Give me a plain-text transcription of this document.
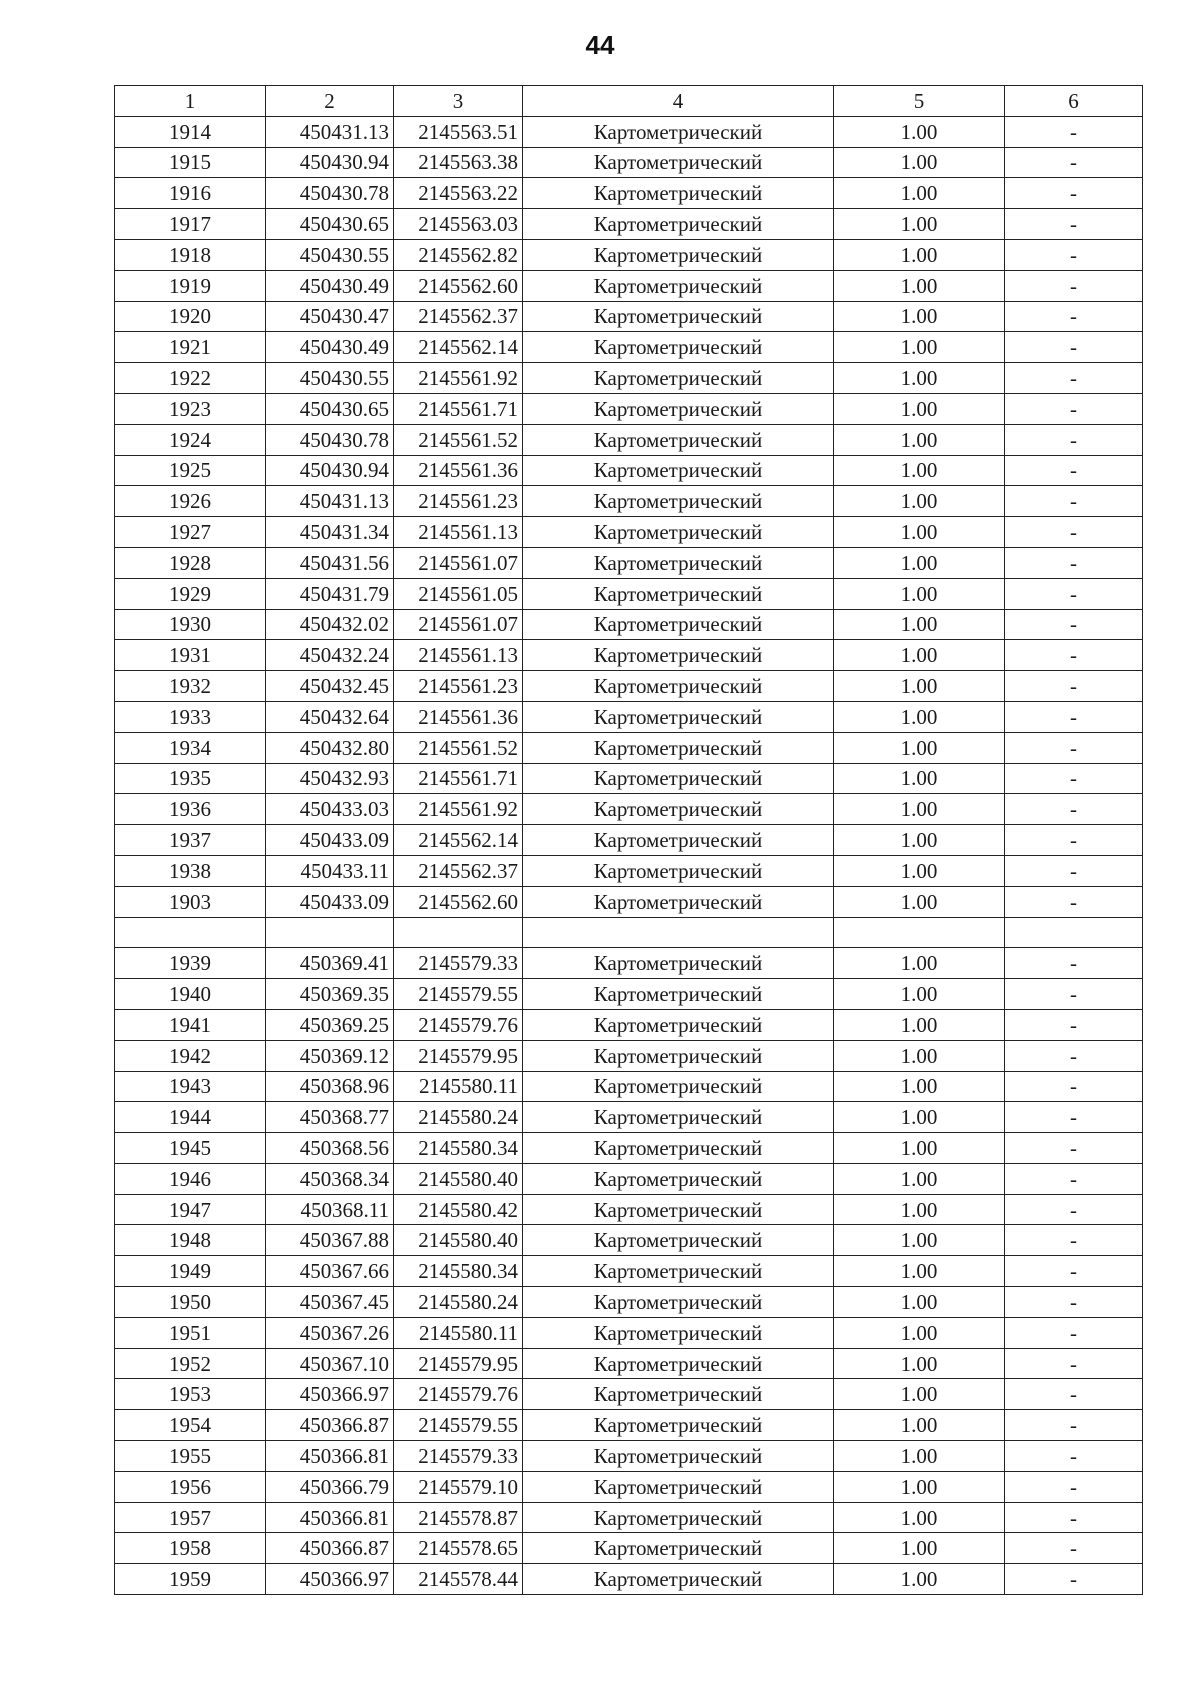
44
1	2	3	4	5	6
1914	450431.13	2145563.51	Картометрический	1.00	-
1915	450430.94	2145563.38	Картометрический	1.00	-
1916	450430.78	2145563.22	Картометрический	1.00	-
1917	450430.65	2145563.03	Картометрический	1.00	-
1918	450430.55	2145562.82	Картометрический	1.00	-
1919	450430.49	2145562.60	Картометрический	1.00	-
1920	450430.47	2145562.37	Картометрический	1.00	-
1921	450430.49	2145562.14	Картометрический	1.00	-
1922	450430.55	2145561.92	Картометрический	1.00	-
1923	450430.65	2145561.71	Картометрический	1.00	-
1924	450430.78	2145561.52	Картометрический	1.00	-
1925	450430.94	2145561.36	Картометрический	1.00	-
1926	450431.13	2145561.23	Картометрический	1.00	-
1927	450431.34	2145561.13	Картометрический	1.00	-
1928	450431.56	2145561.07	Картометрический	1.00	-
1929	450431.79	2145561.05	Картометрический	1.00	-
1930	450432.02	2145561.07	Картометрический	1.00	-
1931	450432.24	2145561.13	Картометрический	1.00	-
1932	450432.45	2145561.23	Картометрический	1.00	-
1933	450432.64	2145561.36	Картометрический	1.00	-
1934	450432.80	2145561.52	Картометрический	1.00	-
1935	450432.93	2145561.71	Картометрический	1.00	-
1936	450433.03	2145561.92	Картометрический	1.00	-
1937	450433.09	2145562.14	Картометрический	1.00	-
1938	450433.11	2145562.37	Картометрический	1.00	-
1903	450433.09	2145562.60	Картометрический	1.00	-

1939	450369.41	2145579.33	Картометрический	1.00	-
1940	450369.35	2145579.55	Картометрический	1.00	-
1941	450369.25	2145579.76	Картометрический	1.00	-
1942	450369.12	2145579.95	Картометрический	1.00	-
1943	450368.96	2145580.11	Картометрический	1.00	-
1944	450368.77	2145580.24	Картометрический	1.00	-
1945	450368.56	2145580.34	Картометрический	1.00	-
1946	450368.34	2145580.40	Картометрический	1.00	-
1947	450368.11	2145580.42	Картометрический	1.00	-
1948	450367.88	2145580.40	Картометрический	1.00	-
1949	450367.66	2145580.34	Картометрический	1.00	-
1950	450367.45	2145580.24	Картометрический	1.00	-
1951	450367.26	2145580.11	Картометрический	1.00	-
1952	450367.10	2145579.95	Картометрический	1.00	-
1953	450366.97	2145579.76	Картометрический	1.00	-
1954	450366.87	2145579.55	Картометрический	1.00	-
1955	450366.81	2145579.33	Картометрический	1.00	-
1956	450366.79	2145579.10	Картометрический	1.00	-
1957	450366.81	2145578.87	Картометрический	1.00	-
1958	450366.87	2145578.65	Картометрический	1.00	-
1959	450366.97	2145578.44	Картометрический	1.00	-
